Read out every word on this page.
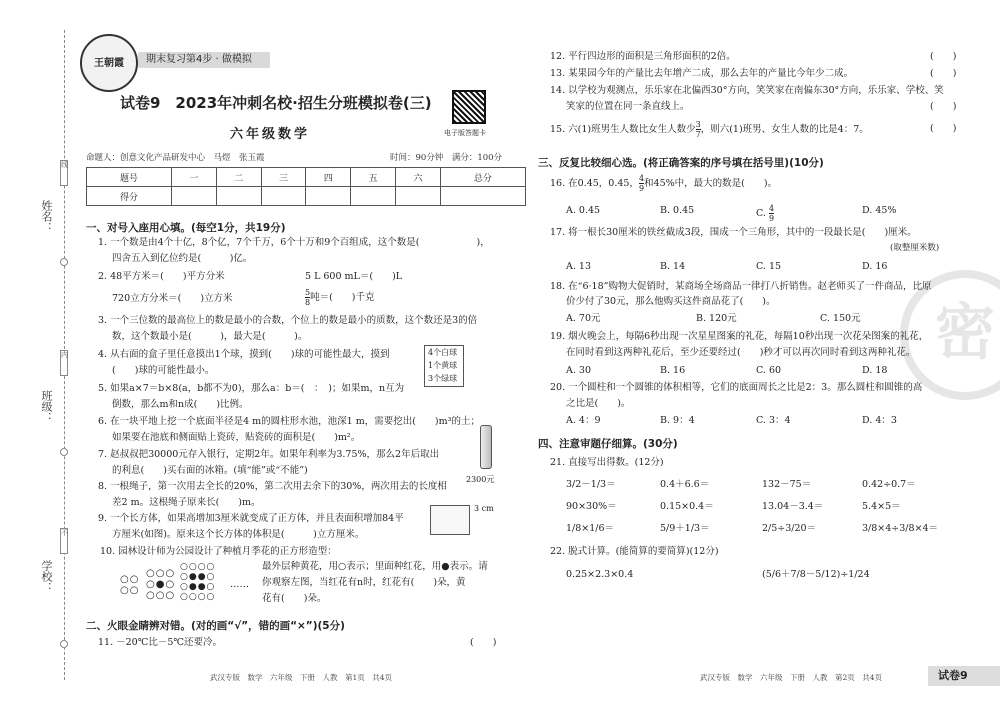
姓名：
班级：
学校：
线
内
不
王朝霞	期末复习第4步 · 做模拟
试卷9　2023年冲刺名校·招生分班模拟卷(三)
电子版答题卡
六年级数学
命题人：创意文化产品研发中心　马煜　张玉霞	时间：90分钟　满分：100分
题号	一	二	三	四	五	六	总分
得分							
一、对号入座用心填。(每空1分，共19分)
1. 一个数是由4个十亿，8个亿，7个千万，6个十万和9个百组成，这个数是(　　　　　　)，
四舍五入到亿位约是(　　　)亿。
2. 48平方米＝(　　)平方分米	5 L 600 mL＝(　　)L
720立方分米＝(　　)立方米	$\frac{5}{8}$ 吨＝(　　)千克
3. 一个三位数的最高位上的数是最小的合数，个位上的数是最小的质数，这个数还是3的倍
数，这个数最小是(　　　)，最大是(　　　)。
4. 从右面的盒子里任意摸出1个球，摸到(　　)球的可能性最大，摸到
(　　)球的可能性最小。
4个白球
1个黄球
3个绿球
5. 如果a×7＝b×8(a，b都不为0)，那么a：b＝(　：　)；如果m，n互为
倒数，那么m和n成(　　)比例。
6. 在一块平地上挖一个底面半径是4 m的圆柱形水池，池深1 m，需要挖出(　　)m³的土；
如果要在池底和侧面贴上瓷砖，贴瓷砖的面积是(　　)m²。
7. 赵叔叔把30000元存入银行，定期2年。如果年利率为3.75%，那么2年后取出
的利息(　　)买右面的冰箱。(填“能”或“不能”)
2300元
8. 一根绳子，第一次用去全长的20%，第二次用去余下的30%，两次用去的长度相
差2 m。这根绳子原来长(　　)m。
9. 一个长方体，如果高增加3厘米就变成了正方体，并且表面积增加84平
方厘米(如图)。原来这个长方体的体积是(　　　)立方厘米。
3 cm
10. 园林设计师为公园设计了种植月季花的正方形造型：
○○
○○
○○○
○●○
○○○
○○○○
○●●○
○●●○
○○○○
……
最外层种黄花，用○表示；里面种红花，用●表示。请
你观察左图，当红花有n时，红花有(　　)朵，黄
花有(　　)朵。
二、火眼金睛辨对错。(对的画“√”，错的画“×”)(5分)
11. －20℃比－5℃还要冷。	(　　)
武汉专版　数学　六年级　下册　人教　第1页　共4页
密
12. 平行四边形的面积是三角形面积的2倍。	(　　)
13. 某果园今年的产量比去年增产二成，那么去年的产量比今年少二成。	(　　)
14. 以学校为观测点，乐乐家在北偏西30°方向，笑笑家在南偏东30°方向，乐乐家、学校、笑
笑家的位置在同一条直线上。	(　　)
15. 六(1)班男生人数比女生人数少 $\frac{3}{7}$ ，则六(1)班男、女生人数的比是4：7。	(　　)
三、反复比较细心选。(将正确答案的序号填在括号里)(10分)
16. 在0.45，0.45， $\frac{4}{9}$ 和45%中，最大的数是(　　)。
A. 0.45	B. 0.45	C. $\frac{4}{9}$	D. 45%
17. 将一根长30厘米的铁丝截成3段，围成一个三角形，其中的一段最长是(　　)厘米。
(取整厘米数)
A. 13	B. 14	C. 15	D. 16
18. 在“6·18”购物大促销时，某商场全场商品一律打八折销售。赵老师买了一件商品，比原
价少付了30元，那么他购买这件商品花了(　　)。
A. 70元	B. 120元	C. 150元
19. 烟火晚会上，每隔6秒出现一次星星图案的礼花，每隔10秒出现一次花朵图案的礼花，
在同时看到这两种礼花后，至少还要经过(　　)秒才可以再次同时看到这两种礼花。
A. 30	B. 16	C. 60	D. 18
20. 一个圆柱和一个圆锥的体积相等，它们的底面周长之比是2：3。那么圆柱和圆锥的高
之比是(　　)。
A. 4：9	B. 9：4	C. 3：4	D. 4：3
四、注意审题仔细算。(30分)
21. 直接写出得数。(12分)
3/2－1/3＝	0.4＋6.6＝	132－75＝	0.42÷0.7＝
90×30%＝	0.15×0.4＝	13.04－3.4＝	5.4×5＝
1/8×1/6＝	5/9＋1/3＝	2/5÷3/20＝	3/8×4÷3/8×4＝
22. 脱式计算。(能简算的要简算)(12分)
0.25×2.3×0.4	(5/6＋7/8－5/12)÷1/24
武汉专版　数学　六年级　下册　人教　第2页　共4页	试卷9
